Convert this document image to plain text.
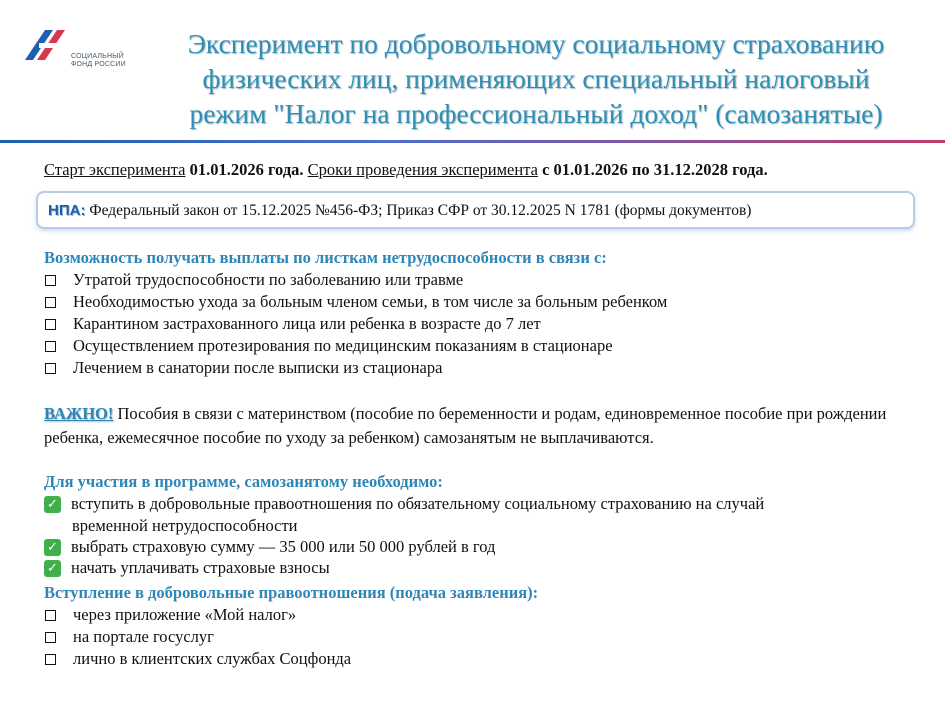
СОЦИАЛЬНЫЙ
ФОНД РОССИИ
Эксперимент по добровольному социальному страхованию
физических лиц, применяющих специальный налоговый
режим "Налог на профессиональный доход" (самозанятые)
Старт эксперимента 01.01.2026 года. Сроки проведения эксперимента с 01.01.2026 по 31.12.2028 года.
НПА: Федеральный закон от 15.12.2025 №456-ФЗ; Приказ СФР от 30.12.2025 N 1781 (формы документов)
Возможность получать выплаты по листкам нетрудоспособности в связи с:
Утратой трудоспособности по заболеванию или травме
Необходимостью ухода за больным членом семьи, в том числе за больным ребенком
Карантином застрахованного лица или ребенка в возрасте до 7 лет
Осуществлением протезирования по медицинским показаниям в стационаре
Лечением в санатории после выписки из стационара
ВАЖНО! Пособия в связи с материнством (пособие по беременности и родам, единовременное пособие при рождении ребенка, ежемесячное пособие по уходу за ребенком) самозанятым не выплачиваются.
Для участия в программе, самозанятому необходимо:
✓ вступить в добровольные правоотношения по обязательному социальному страхованию на случай
временной нетрудоспособности
✓ выбрать страховую сумму — 35 000 или 50 000 рублей в год
✓ начать уплачивать страховые взносы
Вступление в добровольные правоотношения (подача заявления):
через приложение «Мой налог»
на портале госуслуг
лично в клиентских службах Соцфонда
